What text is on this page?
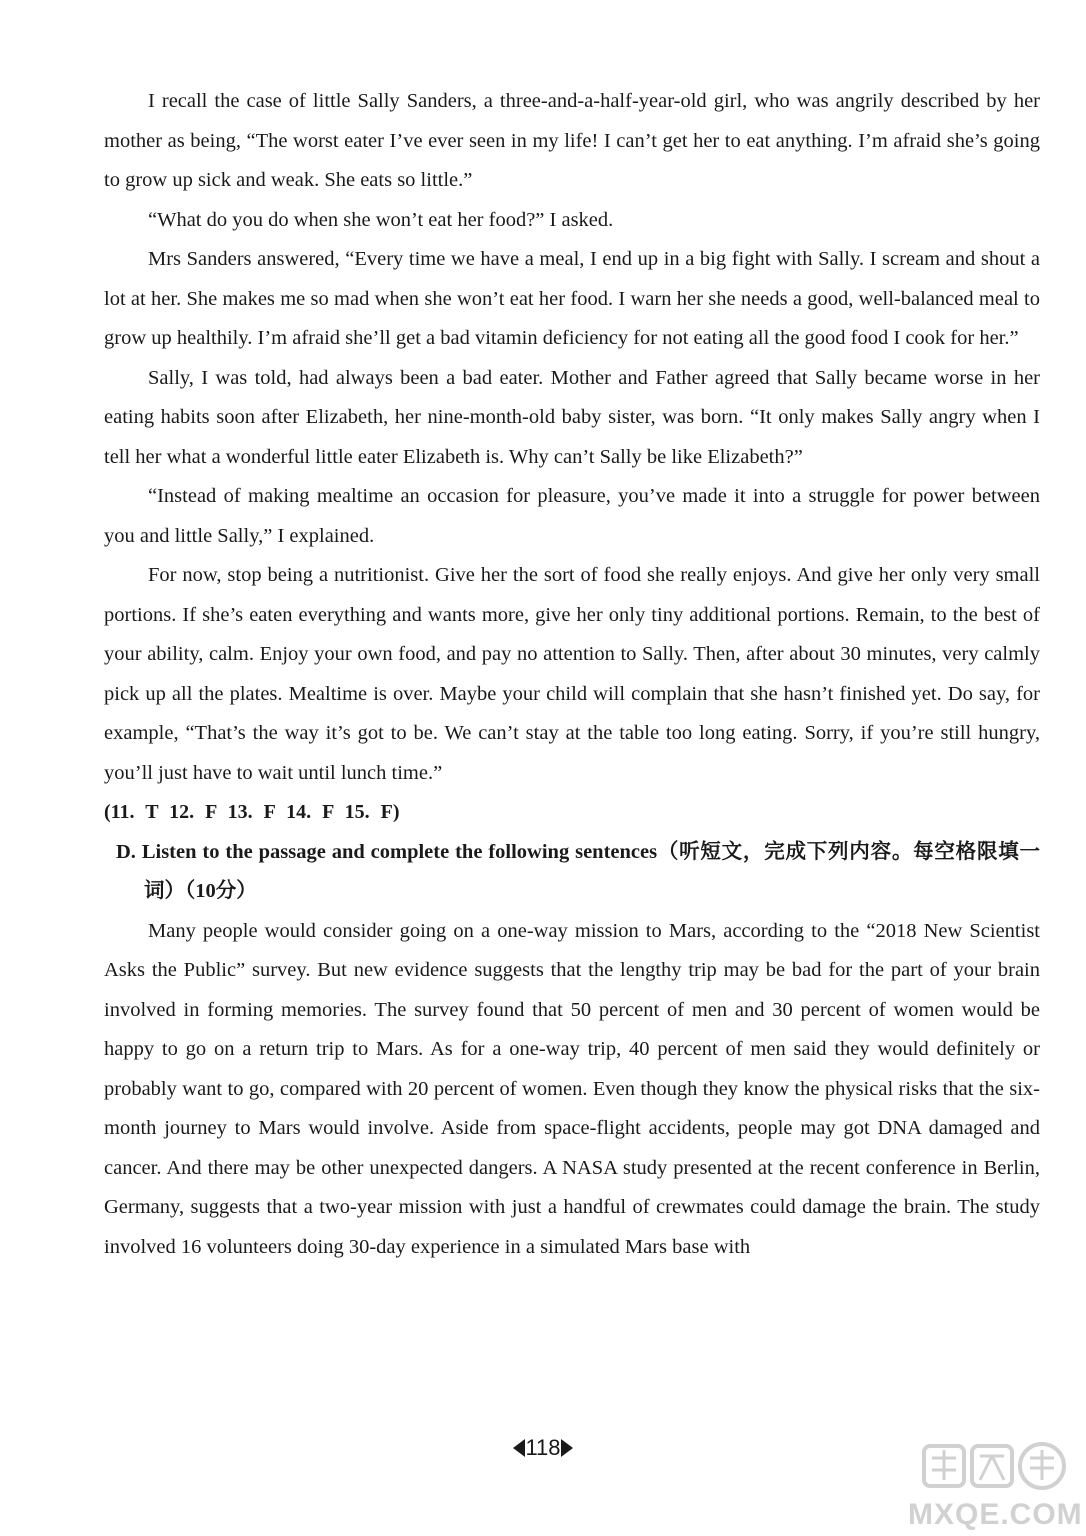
I recall the case of little Sally Sanders, a three-and-a-half-year-old girl, who was angrily described by her mother as being, “The worst eater I’ve ever seen in my life! I can’t get her to eat anything. I’m afraid she’s going to grow up sick and weak. She eats so little.”

“What do you do when she won’t eat her food?” I asked.

Mrs Sanders answered, “Every time we have a meal, I end up in a big fight with Sally. I scream and shout a lot at her. She makes me so mad when she won’t eat her food. I warn her she needs a good, well-balanced meal to grow up healthily. I’m afraid she’ll get a bad vitamin deficiency for not eating all the good food I cook for her.”

Sally, I was told, had always been a bad eater. Mother and Father agreed that Sally became worse in her eating habits soon after Elizabeth, her nine-month-old baby sister, was born. “It only makes Sally angry when I tell her what a wonderful little eater Elizabeth is. Why can’t Sally be like Elizabeth?”

“Instead of making mealtime an occasion for pleasure, you’ve made it into a struggle for power between you and little Sally,” I explained.

For now, stop being a nutritionist. Give her the sort of food she really enjoys. And give her only very small portions. If she’s eaten everything and wants more, give her only tiny additional portions. Remain, to the best of your ability, calm. Enjoy your own food, and pay no attention to Sally. Then, after about 30 minutes, very calmly pick up all the plates. Mealtime is over. Maybe your child will complain that she hasn’t finished yet. Do say, for example, “That’s the way it’s got to be. We can’t stay at the table too long eating. Sorry, if you’re still hungry, you’ll just have to wait until lunch time.”

(11. T 12. F 13. F 14. F 15. F)

D. Listen to the passage and complete the following sentences（听短文，完成下列内容。每空格限填一词）（10分）

Many people would consider going on a one-way mission to Mars, according to the “2018 New Scientist Asks the Public” survey. But new evidence suggests that the lengthy trip may be bad for the part of your brain involved in forming memories. The survey found that 50 percent of men and 30 percent of women would be happy to go on a return trip to Mars. As for a one-way trip, 40 percent of men said they would definitely or probably want to go, compared with 20 percent of women. Even though they know the physical risks that the six-month journey to Mars would involve. Aside from space-flight accidents, people may got DNA damaged and cancer. And there may be other unexpected dangers. A NASA study presented at the recent conference in Berlin, Germany, suggests that a two-year mission with just a handful of crewmates could damage the brain. The study involved 16 volunteers doing 30-day experience in a simulated Mars base with

118
MXQE.COM
